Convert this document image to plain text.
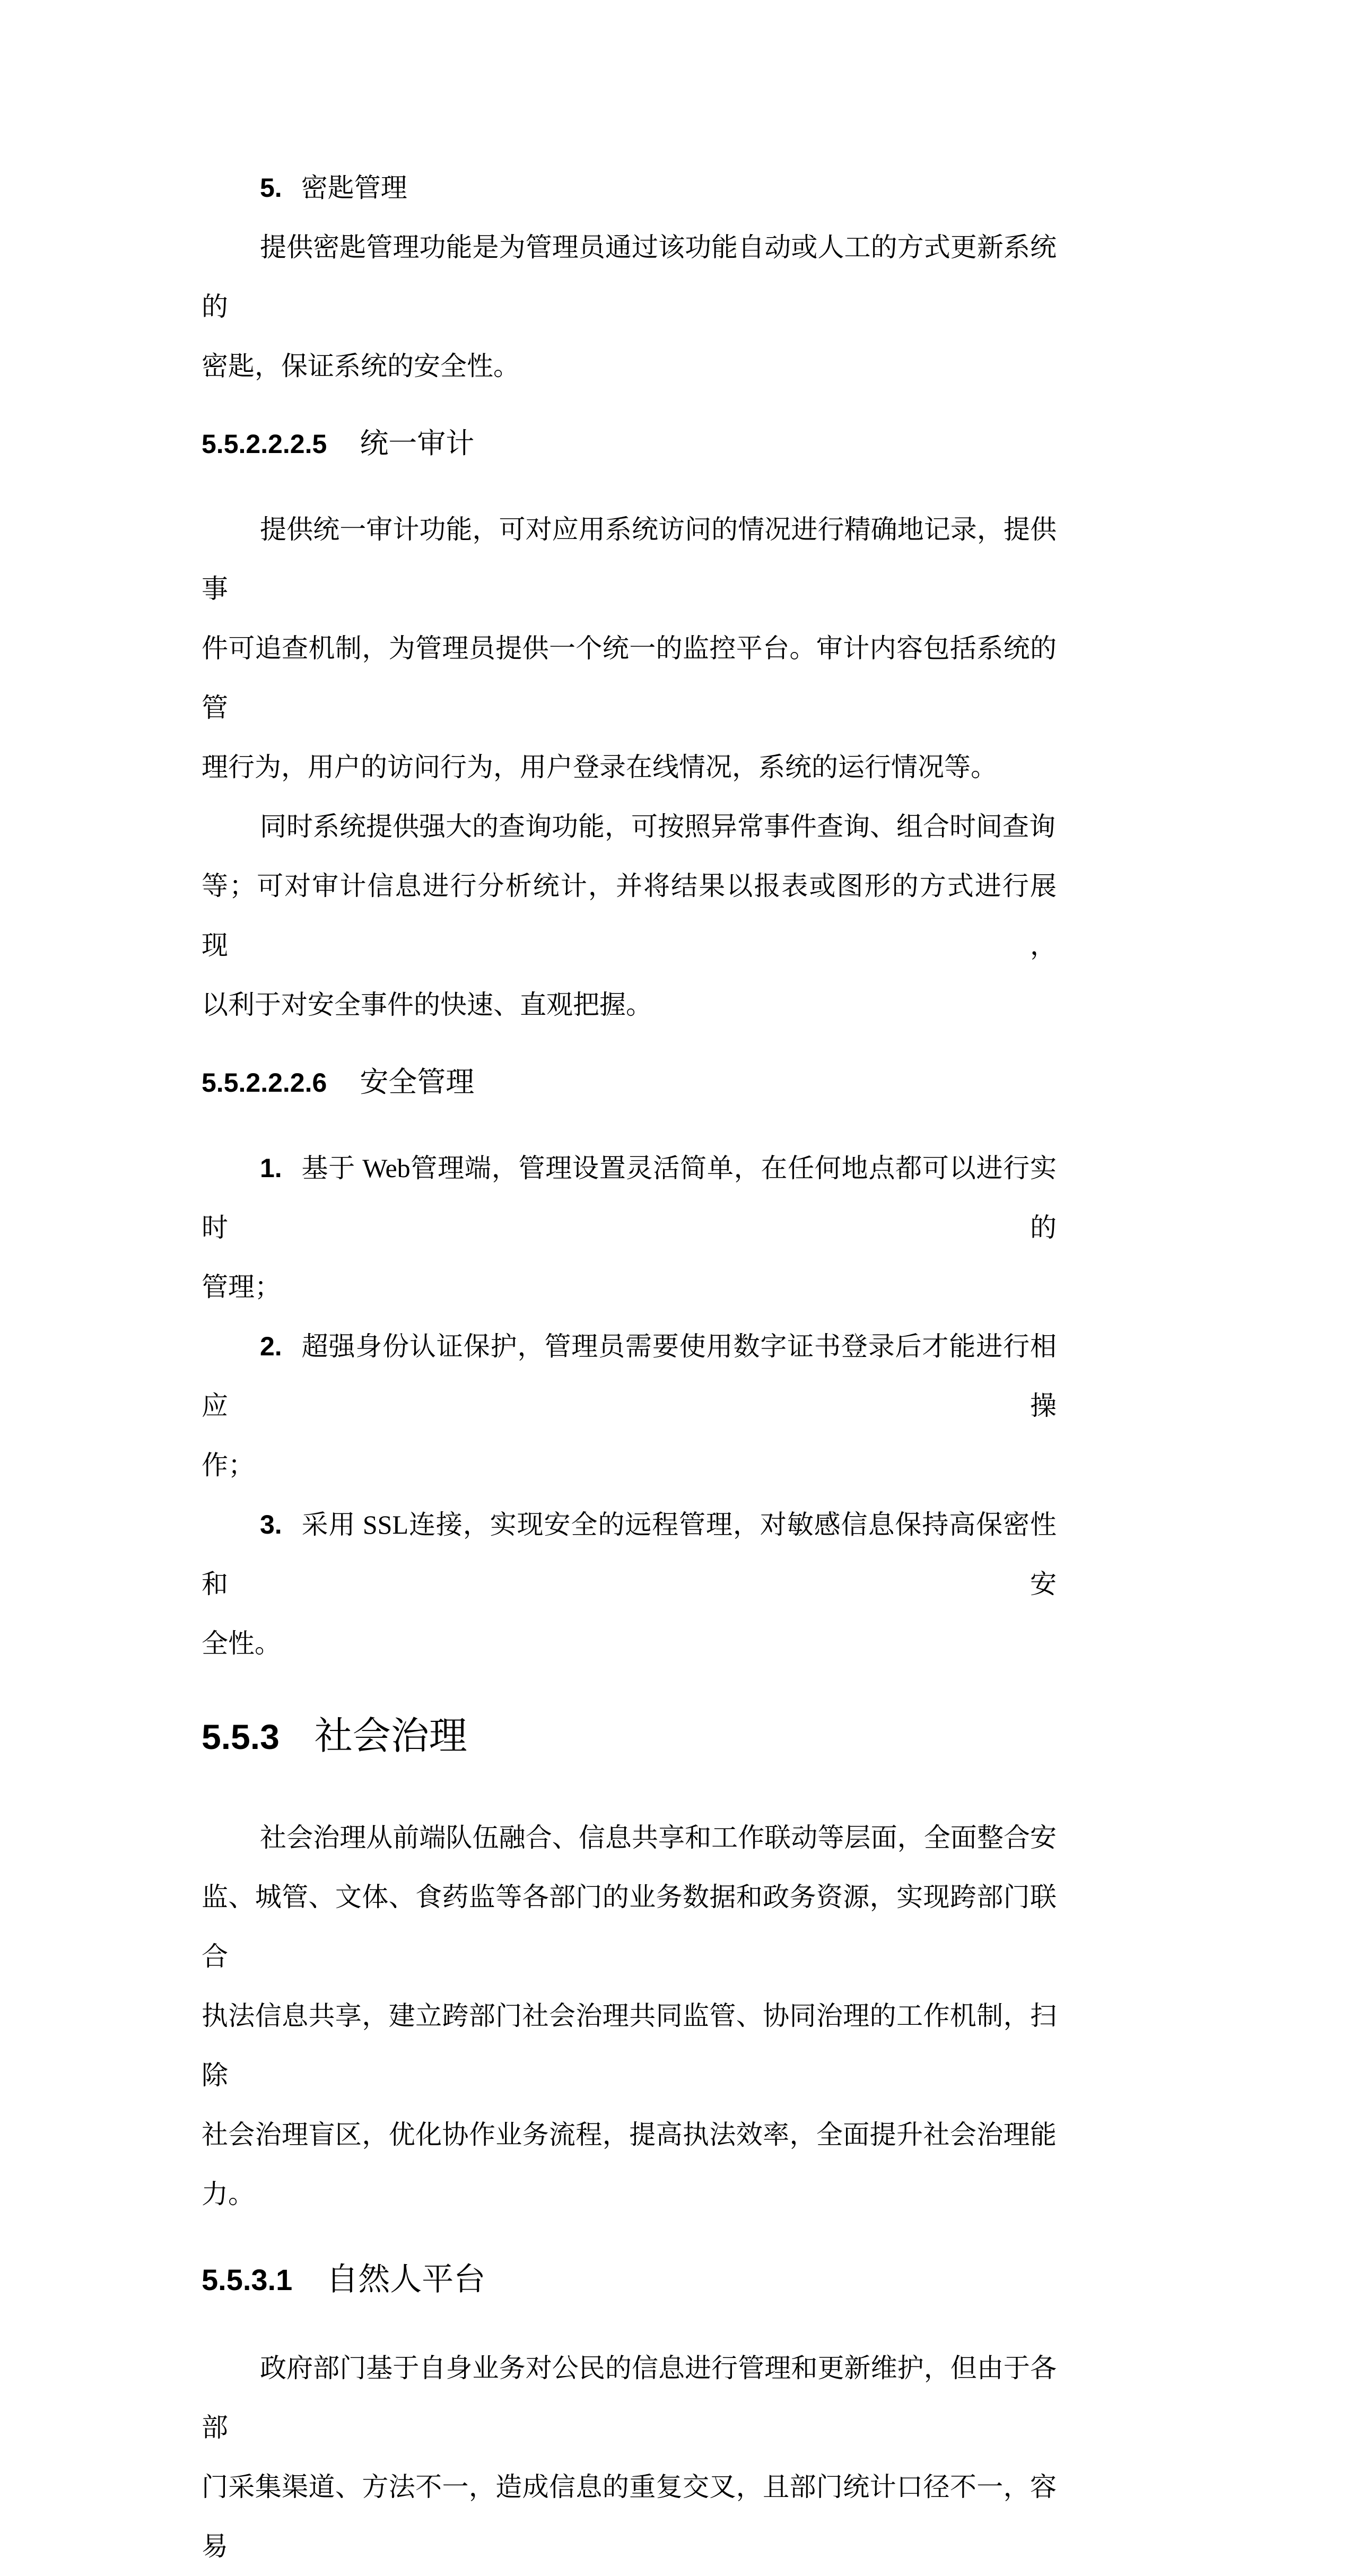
5. 密匙管理
提供密匙管理功能是为管理员通过该功能自动或人工的方式更新系统的
密匙，保证系统的安全性。
5.5.2.2.2.5 统一审计
提供统一审计功能，可对应用系统访问的情况进行精确地记录，提供事
件可追查机制，为管理员提供一个统一的监控平台。审计内容包括系统的管
理行为，用户的访问行为，用户登录在线情况，系统的运行情况等。
同时系统提供强大的查询功能，可按照异常事件查询、组合时间查询
等；可对审计信息进行分析统计，并将结果以报表或图形的方式进行展现，
以利于对安全事件的快速、直观把握。
5.5.2.2.2.6 安全管理
1. 基于 Web管理端，管理设置灵活简单，在任何地点都可以进行实时的
管理；
2. 超强身份认证保护，管理员需要使用数字证书登录后才能进行相应操
作；
3. 采用 SSL连接，实现安全的远程管理，对敏感信息保持高保密性和安
全性。
5.5.3 社会治理
社会治理从前端队伍融合、信息共享和工作联动等层面，全面整合安
监、城管、文体、食药监等各部门的业务数据和政务资源，实现跨部门联合
执法信息共享，建立跨部门社会治理共同监管、协同治理的工作机制，扫除
社会治理盲区，优化协作业务流程，提高执法效率，全面提升社会治理能
力。
5.5.3.1 自然人平台
政府部门基于自身业务对公民的信息进行管理和更新维护，但由于各部
门采集渠道、方法不一，造成信息的重复交叉，且部门统计口径不一，容易
